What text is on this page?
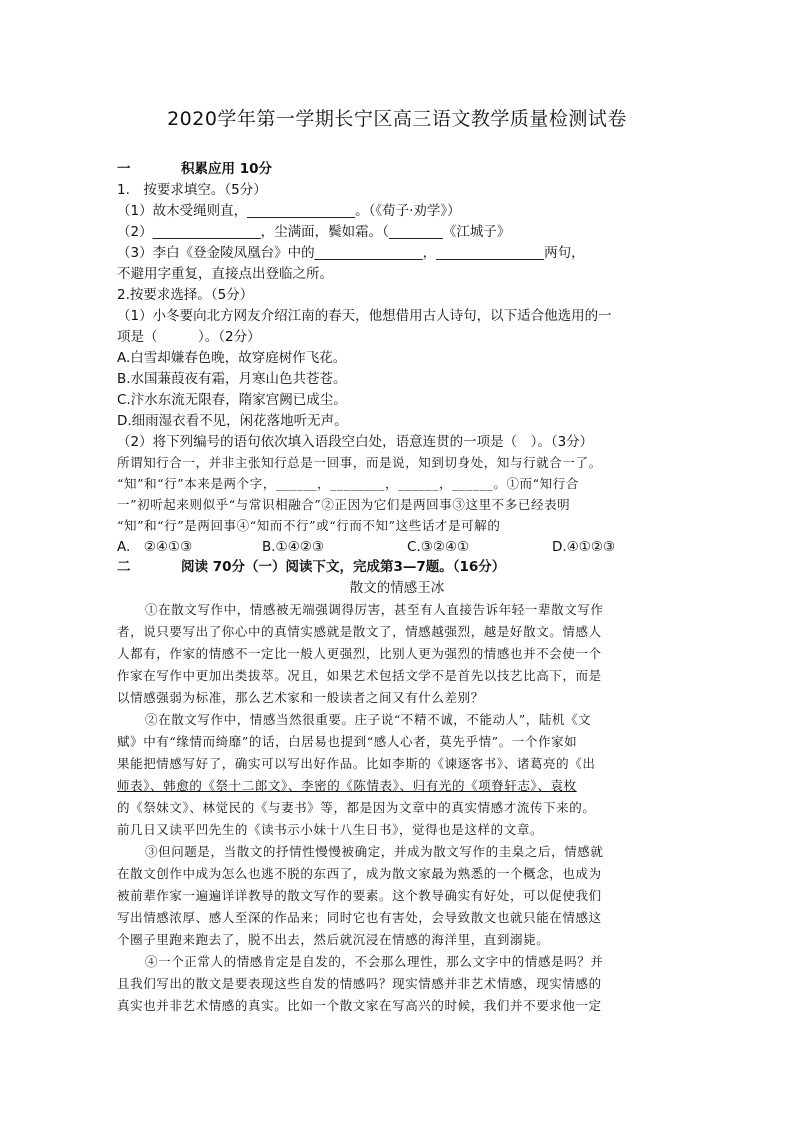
2020学年第一学期长宁区高三语文教学质量检测试卷
一	积累应用 10分
1.　按要求填空。（5分）
（1）故木受绳则直，________________。（《荀子·劝学》）
（2）________________，尘满面，鬓如霜。（________《江城子》
（3）李白《登金陵凤凰台》中的________________，________________两句，
不避用字重复，直接点出登临之所。
2.按要求选择。（5分）
（1）小冬要向北方网友介绍江南的春天，他想借用古人诗句，以下适合他选用的一
项是（　　　）。（2分）
A.白雪却嫌春色晚，故穿庭树作飞花。
B.水国蒹葭夜有霜，月寒山色共苍苍。
C.汴水东流无限春，隋家宫阙已成尘。
D.细雨湿衣看不见，闲花落地听无声。
（2）将下列编号的语句依次填入语段空白处，语意连贯的一项是（　）。（3分）
所谓知行合一，并非主张知行总是一回事，而是说，知到切身处，知与行就合一了。
“知”和“行”本来是两个字，______，________，______，______。①而“知行合
一”初听起来则似乎“与常识相融合”②正因为它们是两回事③这里不多已经表明
“知”和“行”是两回事④“知而不行”或“行而不知”这些话才是可解的
A.　②④①③	B.①④②③	C.③②④①	D.④①②③
二	阅读 70分（一）阅读下文，完成第3—7题。（16分）
散文的情感王冰
①在散文写作中，情感被无端强调得厉害，甚至有人直接告诉年轻一辈散文写作
者，说只要写出了你心中的真情实感就是散文了，情感越强烈，越是好散文。情感人
人都有，作家的情感不一定比一般人更强烈，比别人更为强烈的情感也并不会使一个
作家在写作中更加出类拔萃。况且，如果艺术包括文学不是首先以技艺比高下，而是
以情感强弱为标准，那么艺术家和一般读者之间又有什么差别？
②在散文写作中，情感当然很重要。庄子说“不精不诚，不能动人”，陆机《文
赋》中有“缘情而绮靡”的话，白居易也提到“感人心者，莫先乎情”。一个作家如
果能把情感写好了，确实可以写出好作品。比如李斯的《谏逐客书》、诸葛亮的《出
师表》、韩愈的《祭十二郎文》、李密的《陈情表》、归有光的《项脊轩志》、袁枚
的《祭妹文》、林觉民的《与妻书》等，都是因为文章中的真实情感才流传下来的。
前几日又读平凹先生的《读书示小妹十八生日书》，觉得也是这样的文章。
③但问题是，当散文的抒情性慢慢被确定，并成为散文写作的圭臬之后，情感就
在散文创作中成为怎么也逃不脱的东西了，成为散文家最为熟悉的一个概念，也成为
被前辈作家一遍遍详详教导的散文写作的要素。这个教导确实有好处，可以促使我们
写出情感浓厚、感人至深的作品来；同时它也有害处，会导致散文也就只能在情感这
个圈子里跑来跑去了，脱不出去，然后就沉浸在情感的海洋里，直到溺毙。
④一个正常人的情感肯定是自发的，不会那么理性，那么文字中的情感是吗？并
且我们写出的散文是要表现这些自发的情感吗？现实情感并非艺术情感，现实情感的
真实也并非艺术情感的真实。比如一个散文家在写高兴的时候，我们并不要求他一定
